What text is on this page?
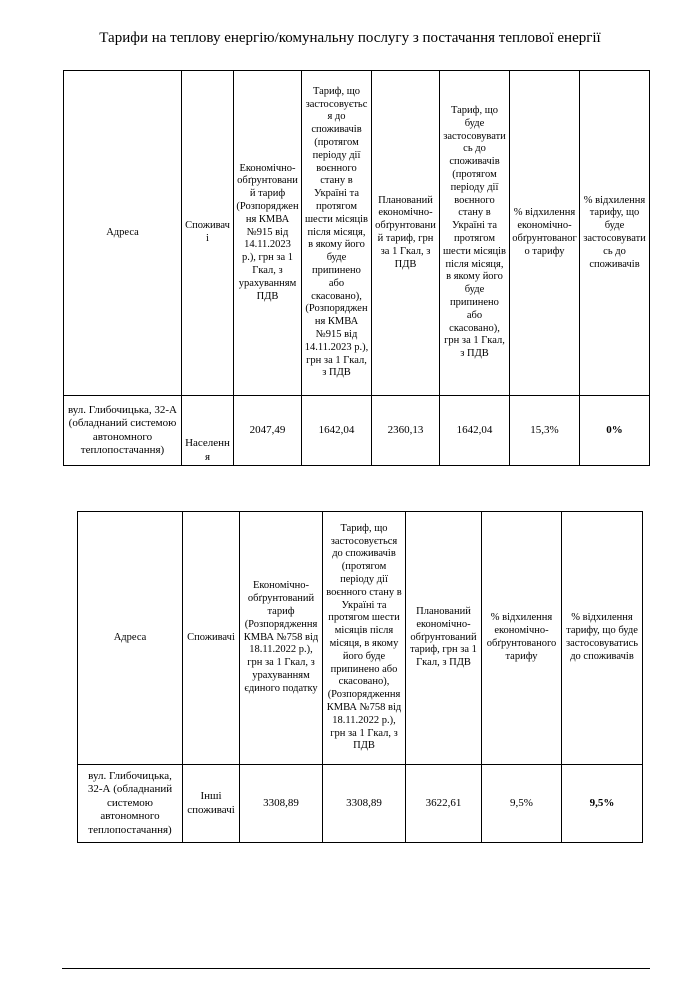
Тарифи на теплову енергію/комунальну послугу з постачання теплової енергії
Адреса	Споживачі	Економічно-обґрунтований тариф (Розпорядження КМВА №915 від 14.11.2023 р.), грн за 1 Гкал, з урахуванням ПДВ	Тариф, що застосовується до споживачів (протягом періоду дії воєнного стану в Україні та протягом шести місяців після місяця, в якому його буде припинено або скасовано), (Розпорядження КМВА №915 від 14.11.2023 р.), грн за 1 Гкал, з ПДВ	Планований економічно-обґрунтований тариф, грн за 1 Гкал, з ПДВ	Тариф, що буде застосовуватись до споживачів (протягом періоду дії воєнного стану в Україні та протягом шести місяців після місяця, в якому його буде припинено або скасовано), грн за 1 Гкал, з ПДВ	% відхилення економічно-обґрунтованого тарифу	% відхилення тарифу, що буде застосовуватись до споживачів
вул. Глибочицька, 32-А (обладнаний системою автономного теплопостачання)	Населення	2047,49	1642,04	2360,13	1642,04	15,3%	0%
Адреса	Споживачі	Економічно-обґрунтований тариф (Розпорядження КМВА №758 від 18.11.2022 р.), грн за 1 Гкал, з урахуванням єдиного податку	Тариф, що застосовується до споживачів (протягом періоду дії воєнного стану в Україні та протягом шести місяців після місяця, в якому його буде припинено або скасовано), (Розпорядження КМВА №758 від 18.11.2022 р.), грн за 1 Гкал, з ПДВ	Планований економічно-обґрунтований тариф, грн за 1 Гкал, з ПДВ	% відхилення економічно-обґрунтованого тарифу	% відхилення тарифу, що буде застосовуватись до споживачів
вул. Глибочицька, 32-А (обладнаний системою автономного теплопостачання)	Інші споживачі	3308,89	3308,89	3622,61	9,5%	9,5%
